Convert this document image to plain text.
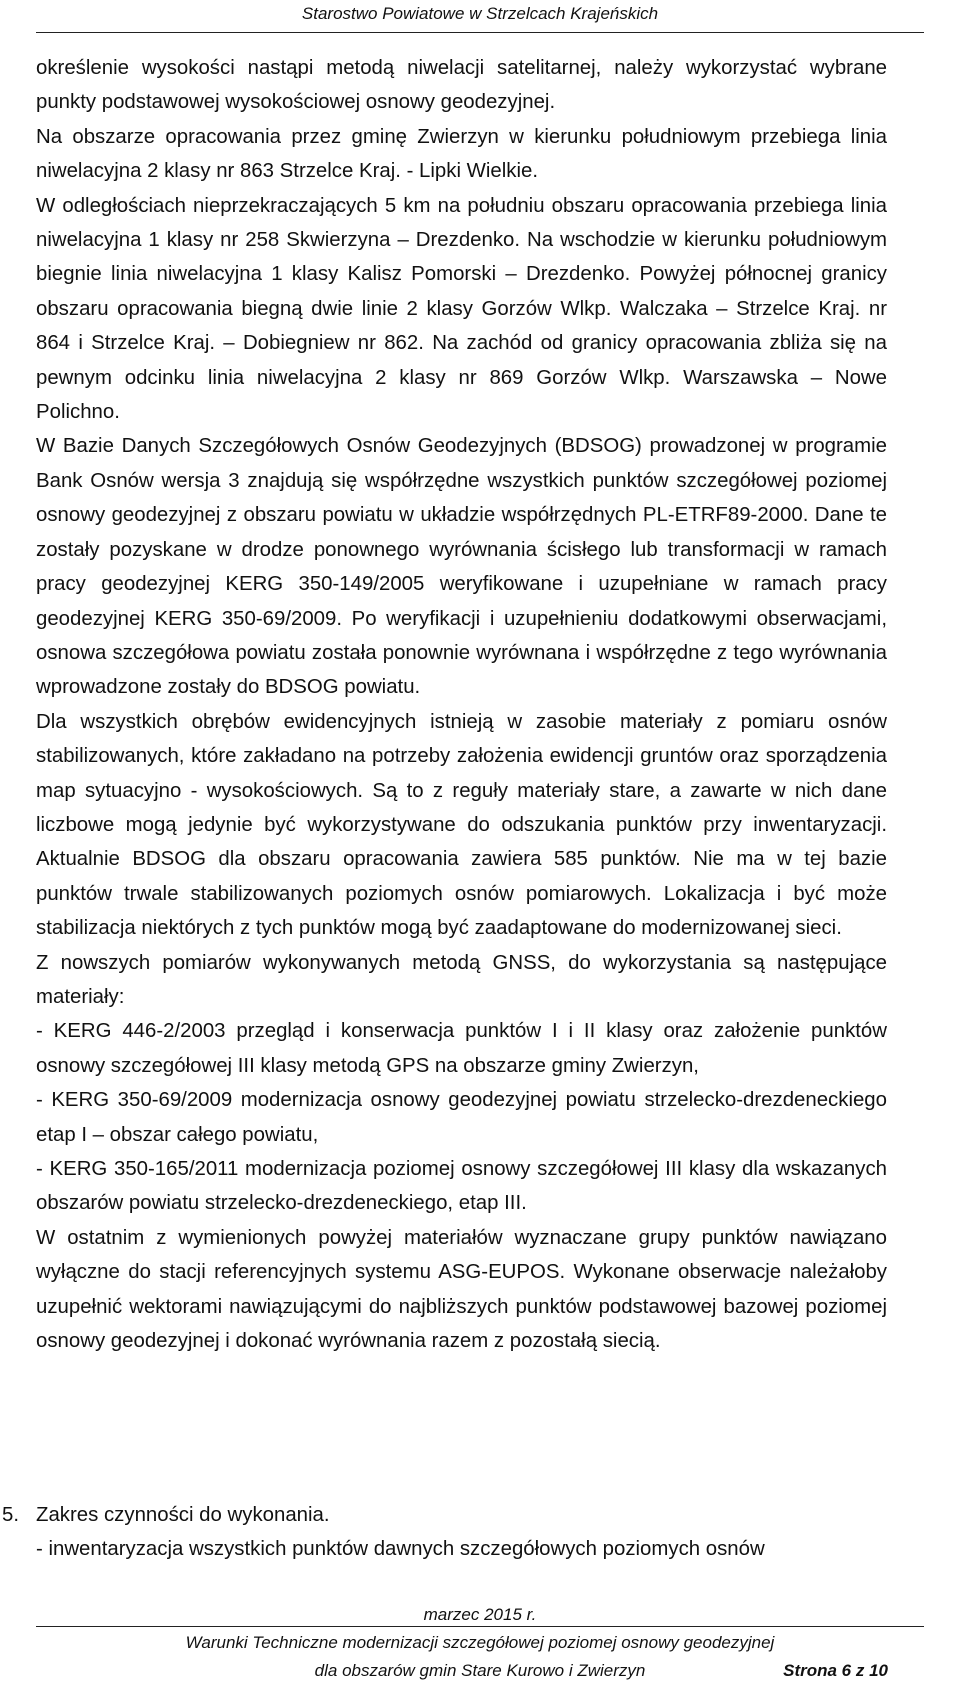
Starostwo Powiatowe w Strzelcach Krajeńskich

określenie wysokości nastąpi metodą niwelacji satelitarnej, należy wykorzystać wybrane punkty podstawowej wysokościowej osnowy geodezyjnej.

Na obszarze opracowania przez gminę Zwierzyn w kierunku południowym przebiega linia niwelacyjna 2 klasy nr 863 Strzelce Kraj. - Lipki Wielkie.

W odległościach nieprzekraczających 5 km na południu obszaru opracowania przebiega linia niwelacyjna 1 klasy nr 258 Skwierzyna – Drezdenko. Na wschodzie w kierunku południowym biegnie linia niwelacyjna 1 klasy Kalisz Pomorski – Drezdenko. Powyżej północnej granicy obszaru opracowania biegną dwie linie 2 klasy Gorzów Wlkp. Walczaka – Strzelce Kraj. nr 864 i Strzelce Kraj. – Dobiegniew nr 862. Na zachód od granicy opracowania zbliża się na pewnym odcinku linia niwelacyjna 2 klasy nr 869 Gorzów Wlkp. Warszawska – Nowe Polichno.

W Bazie Danych Szczegółowych Osnów Geodezyjnych (BDSOG) prowadzonej w programie Bank Osnów wersja 3 znajdują się współrzędne wszystkich punktów szczegółowej poziomej osnowy geodezyjnej z obszaru powiatu w układzie współrzędnych PL-ETRF89-2000. Dane te zostały pozyskane w drodze ponownego wyrównania ścisłego lub transformacji w ramach pracy geodezyjnej KERG 350-149/2005 weryfikowane i uzupełniane w ramach pracy geodezyjnej KERG 350-69/2009. Po weryfikacji i uzupełnieniu dodatkowymi obserwacjami, osnowa szczegółowa powiatu została ponownie wyrównana i współrzędne z tego wyrównania wprowadzone zostały do BDSOG powiatu.

Dla wszystkich obrębów ewidencyjnych istnieją w zasobie materiały z pomiaru osnów stabilizowanych, które zakładano na potrzeby założenia ewidencji gruntów oraz sporządzenia map sytuacyjno - wysokościowych. Są to z reguły materiały stare, a zawarte w nich dane liczbowe mogą jedynie być wykorzystywane do odszukania punktów przy inwentaryzacji. Aktualnie BDSOG dla obszaru opracowania zawiera 585 punktów. Nie ma w tej bazie punktów trwale stabilizowanych poziomych osnów pomiarowych. Lokalizacja i być może stabilizacja niektórych z tych punktów mogą być zaadaptowane do modernizowanej sieci.

Z nowszych pomiarów wykonywanych metodą GNSS, do wykorzystania są następujące materiały:

- KERG 446-2/2003 przegląd i konserwacja punktów I i II klasy oraz założenie punktów osnowy szczegółowej III klasy metodą GPS na obszarze gminy Zwierzyn,

- KERG 350-69/2009 modernizacja osnowy geodezyjnej powiatu strzelecko-drezdeneckiego etap I – obszar całego powiatu,

- KERG 350-165/2011 modernizacja poziomej osnowy szczegółowej III klasy dla wskazanych obszarów powiatu strzelecko-drezdeneckiego, etap III.

W ostatnim z wymienionych powyżej materiałów wyznaczane grupy punktów nawiązano wyłączne do stacji referencyjnych systemu ASG-EUPOS. Wykonane obserwacje należałoby uzupełnić wektorami nawiązującymi do najbliższych punktów podstawowej bazowej poziomej osnowy geodezyjnej i dokonać wyrównania razem z pozostałą siecią.

5. Zakres czynności do wykonania.
- inwentaryzacja wszystkich punktów dawnych szczegółowych poziomych osnów
marzec 2015 r.
Warunki Techniczne modernizacji szczegółowej poziomej osnowy geodezyjnej
dla obszarów gmin Stare Kurowo i Zwierzyn	Strona 6 z 10
